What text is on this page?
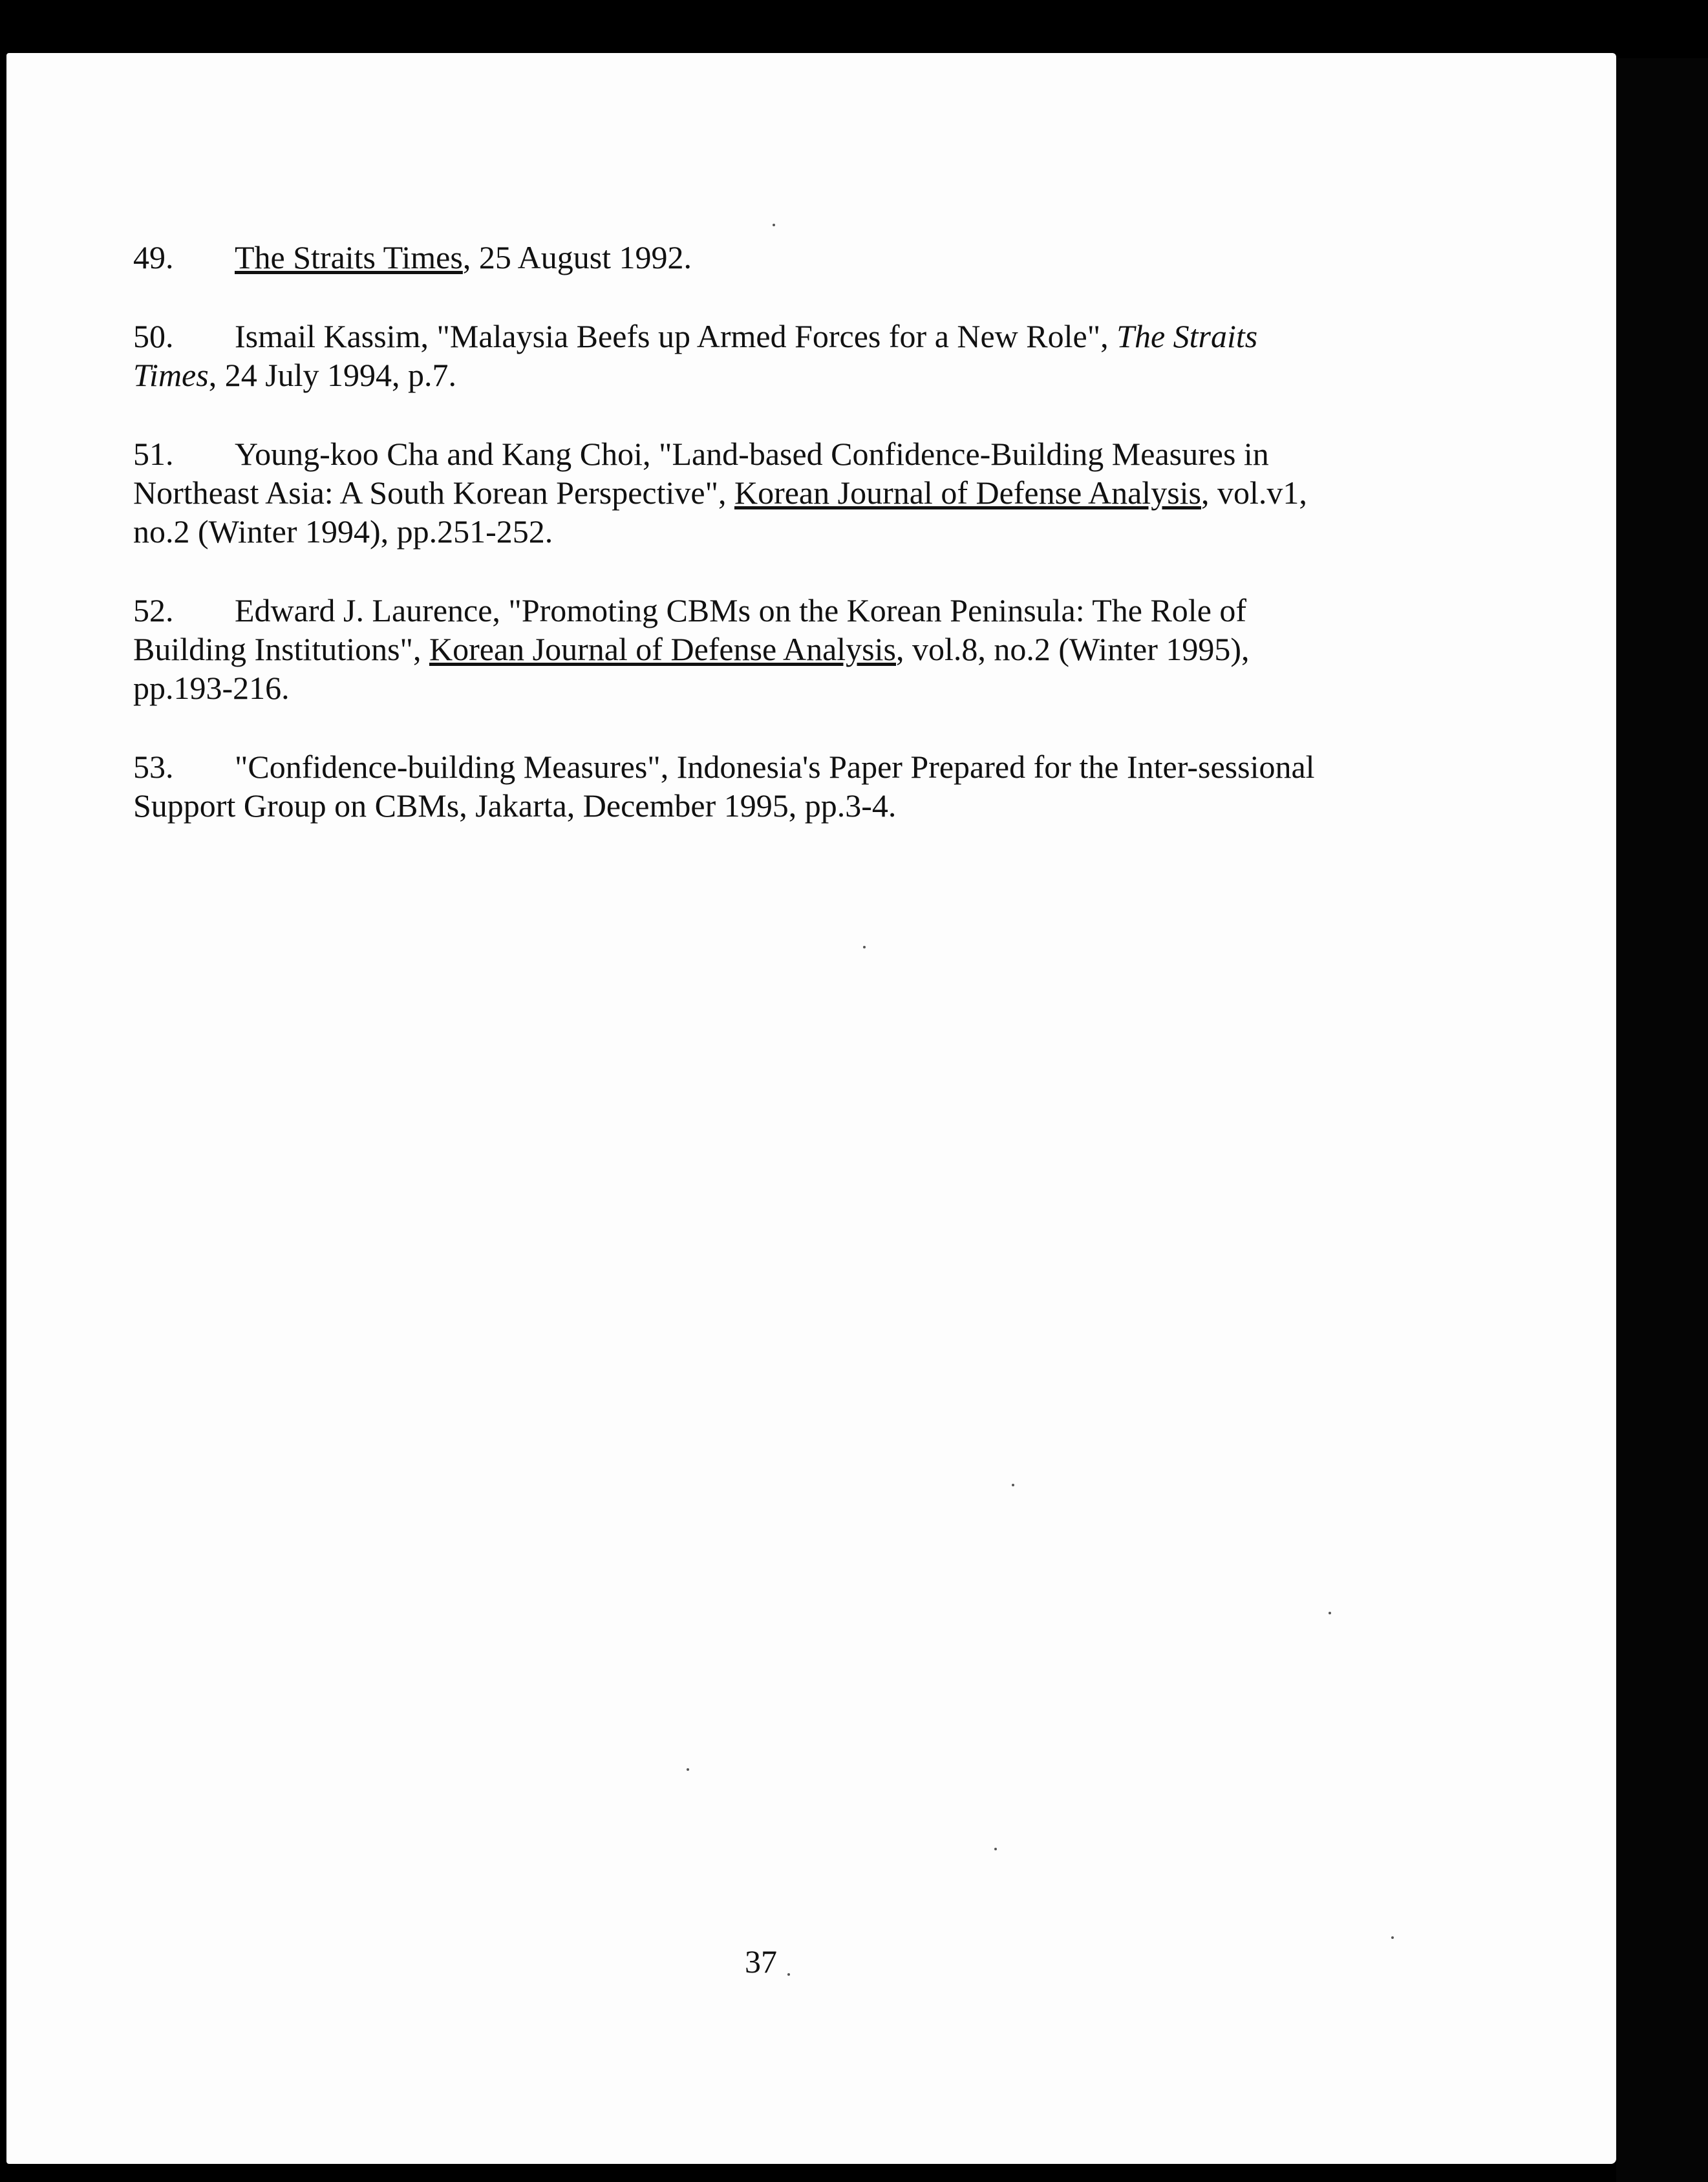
49. The Straits Times, 25 August 1992.

50. Ismail Kassim, "Malaysia Beefs up Armed Forces for a New Role", The Straits
Times, 24 July 1994, p.7.

51. Young-koo Cha and Kang Choi, "Land-based Confidence-Building Measures in
Northeast Asia: A South Korean Perspective", Korean Journal of Defense Analysis, vol.v1,
no.2 (Winter 1994), pp.251-252.

52. Edward J. Laurence, "Promoting CBMs on the Korean Peninsula: The Role of
Building Institutions", Korean Journal of Defense Analysis, vol.8, no.2 (Winter 1995),
pp.193-216.

53. "Confidence-building Measures", Indonesia's Paper Prepared for the Inter-sessional
Support Group on CBMs, Jakarta, December 1995, pp.3-4.

37
